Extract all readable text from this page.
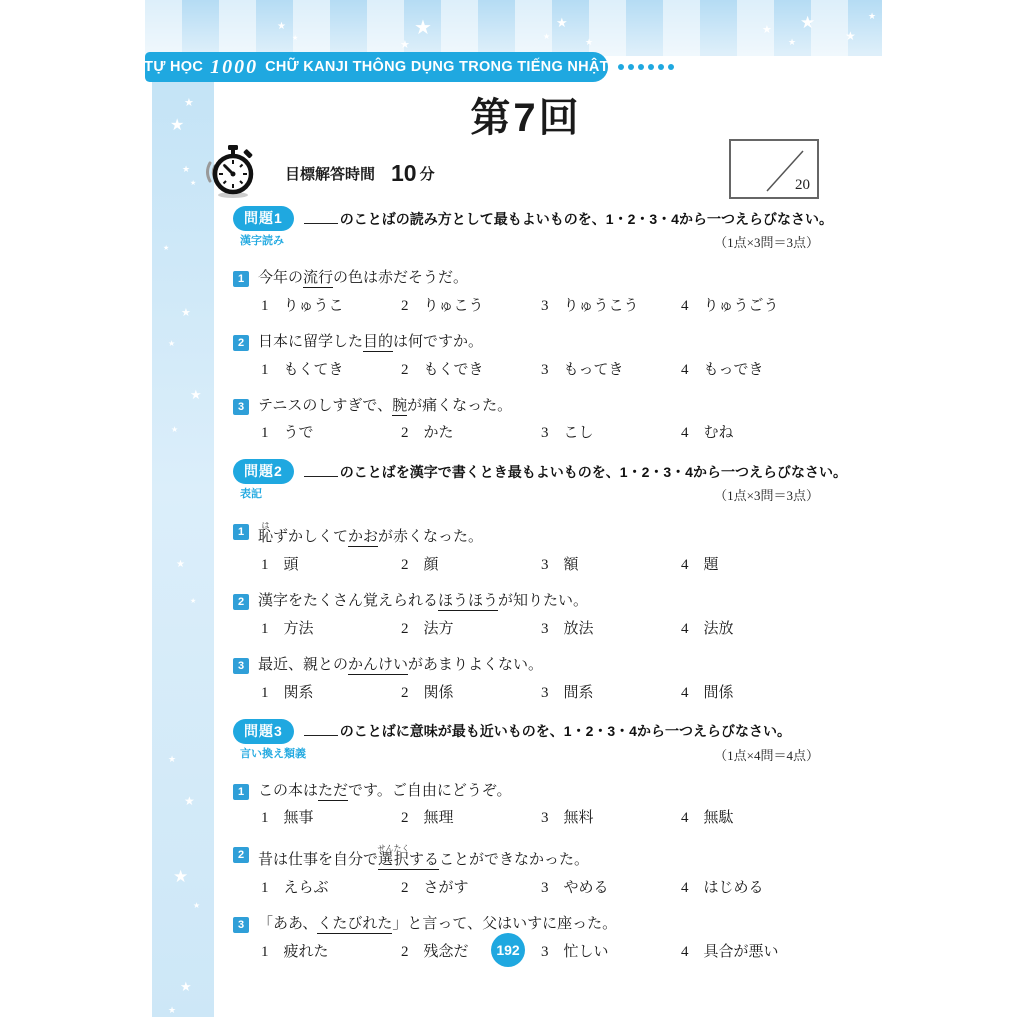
★
★
★
★
★
★
★
★
★
★
★
★
★
★
★
★
★
★
★
★
★
★
★
★
★
★
★
★
★
TỰ HỌC 1000 CHỮ KANJI THÔNG DỤNG TRONG TIẾNG NHẬT
第7回
目標解答時間 10 分
20
問題1	のことばの読み方として最もよいものを、1・2・3・4から一つえらびなさい。
漢字読み	（1点×3問＝3点）
1 今年の流行の色は赤だそうだ。
1 りゅうこ	2 りゅこう	3 りゅうこう	4 りゅうごう
2 日本に留学した目的は何ですか。
1 もくてき	2 もくでき	3 もってき	4 もっでき
3 テニスのしすぎで、腕が痛くなった。
1 うで	2 かた	3 こし	4 むね
問題2	のことばを漢字で書くとき最もよいものを、1・2・3・4から一つえらびなさい。
表記	（1点×3問＝3点）
1 恥はずかしくてかおが赤くなった。
1 頭	2 顔	3 額	4 題
2 漢字をたくさん覚えられるほうほうが知りたい。
1 方法	2 法方	3 放法	4 法放
3 最近、親とのかんけいがあまりよくない。
1 関系	2 関係	3 間系	4 間係
問題3	のことばに意味が最も近いものを、1・2・3・4から一つえらびなさい。
言い換え類義	（1点×4問＝4点）
1 この本はただです。ご自由にどうぞ。
1 無事	2 無理	3 無料	4 無駄
2 昔は仕事を自分で選択せんたくすることができなかった。
1 えらぶ	2 さがす	3 やめる	4 はじめる
3 「ああ、くたびれた」と言って、父はいすに座った。
1 疲れた	2 残念だ	3 忙しい	4 具合が悪い
192
